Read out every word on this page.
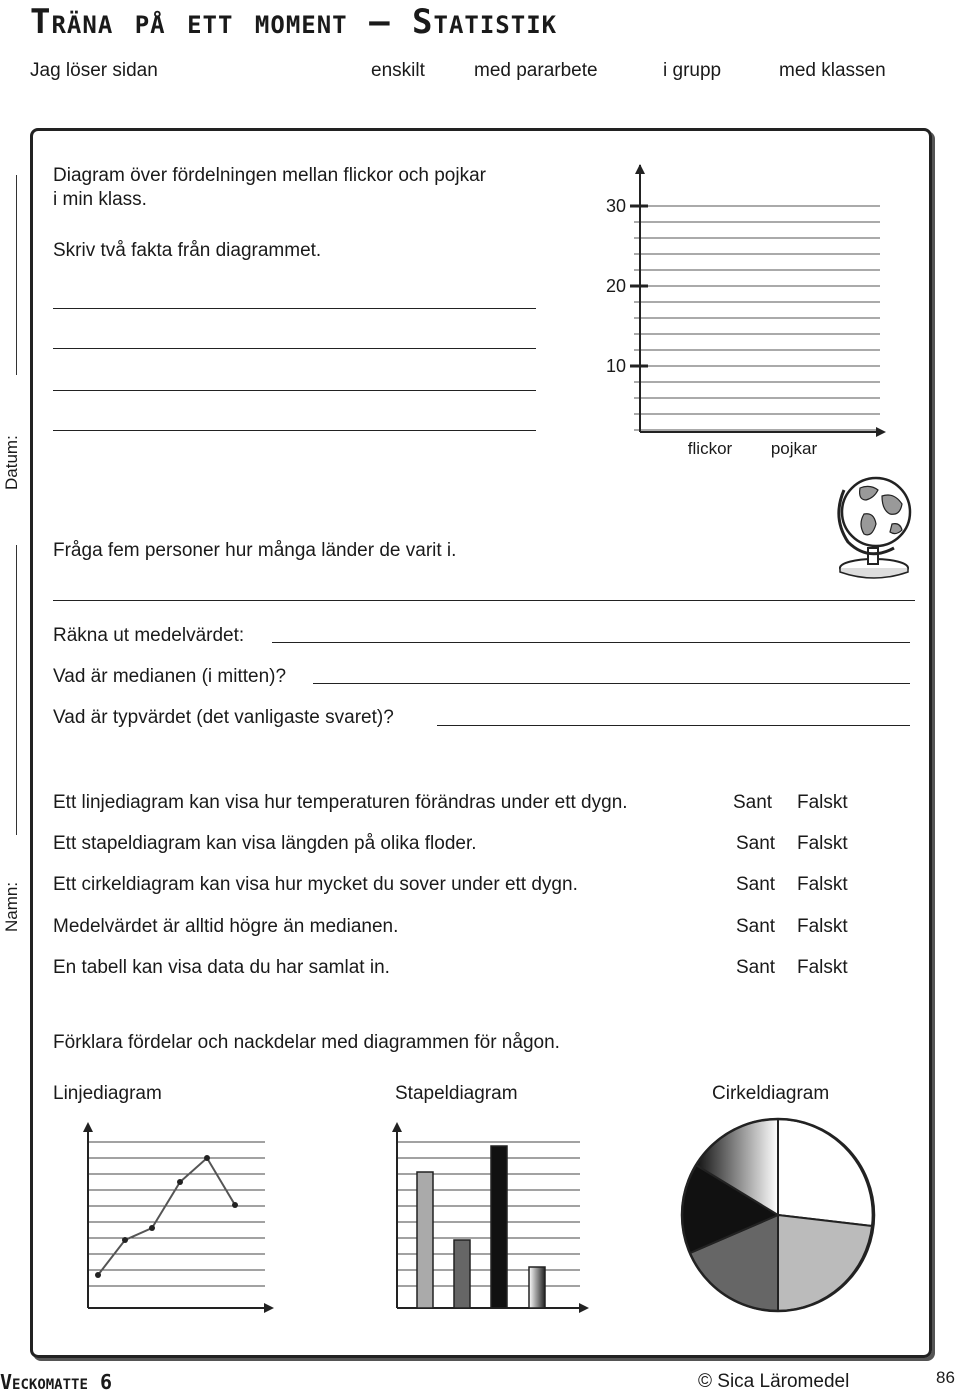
Träna på ett moment – Statistik
Jag löser sidan	enskilt	med pararbete	i grupp	med klassen
Datum:
Namn:
Diagram över fördelningen mellan flickor och pojkar
i min klass.
Skriv två fakta från diagrammet.
10
20
30
flickor pojkar
Fråga fem personer hur många länder de varit i.
Räkna ut medelvärdet:
Vad är medianen (i mitten)?
Vad är typvärdet (det vanligaste svaret)?
Ett linjediagram kan visa hur temperaturen förändras under ett dygn.	Sant Falskt
Ett stapeldiagram kan visa längden på olika floder.	Sant Falskt
Ett cirkeldiagram kan visa hur mycket du sover under ett dygn.	Sant Falskt
Medelvärdet är alltid högre än medianen.	Sant Falskt
En tabell kan visa data du har samlat in.	Sant Falskt
Förklara fördelar och nackdelar med diagrammen för någon.
Linjediagram	Stapeldiagram	Cirkeldiagram
Veckomatte 6	© Sica Läromedel	86
